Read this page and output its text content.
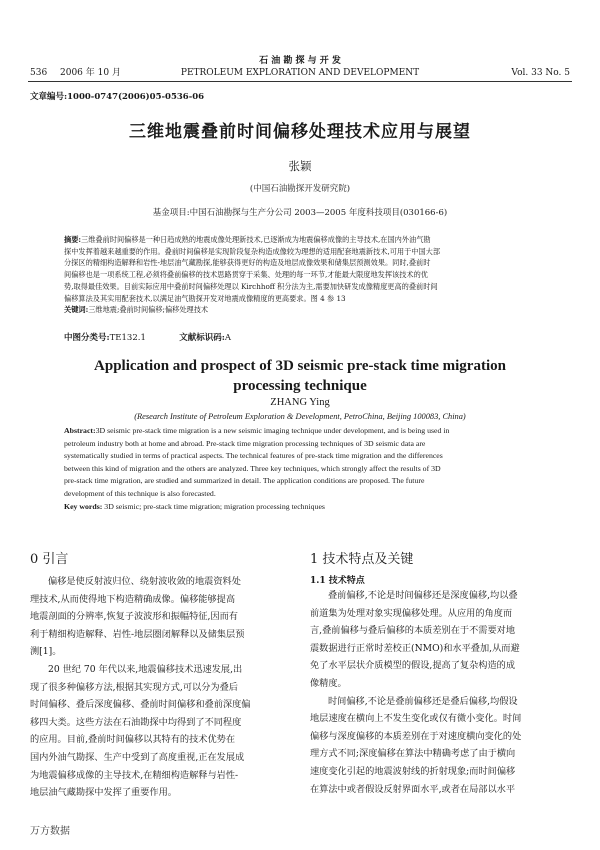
536 2006 年 10 月
石 油 勘 探 与 开 发
PETROLEUM EXPLORATION AND DEVELOPMENT	Vol. 33 No. 5
文章编号:1000-0747(2006)05-0536-06
三维地震叠前时间偏移处理技术应用与展望
张颖
(中国石油勘探开发研究院)
基金项目:中国石油勘探与生产分公司 2003—2005 年度科技项目(030166-6)
摘要:三维叠前时间偏移是一种日趋成熟的地震成像处理新技术,已逐渐成为地震偏移成像的主导技术,在国内外油气勘
探中发挥着越来越重要的作用。叠前时间偏移是实现阶段复杂构造成像较为理想的适用配套地震新技术,可用于中国大部
分探区的精细构造解释和岩性-地层油气藏勘探,能够获得更好的构造及地层成像效果和储集层预测效果。同时,叠前时
间偏移也是一项系统工程,必须将叠前偏移的技术思路贯穿于采集、处理的每一环节,才能最大限度地发挥该技术的优
势,取得最佳效果。目前实际应用中叠前时间偏移处理以 Kirchhoff 积分法为主,需要加快研发成像精度更高的叠前时间
偏移算法及其实用配套技术,以满足油气勘探开发对地震成像精度的更高要求。图 4 参 13
关键词:三维地震;叠前时间偏移;偏移处理技术
中图分类号:TE132.1	文献标识码:A
Application and prospect of 3D seismic pre-stack time migration
processing technique
ZHANG Ying
(Research Institute of Petroleum Exploration & Development, PetroChina, Beijing 100083, China)
Abstract:3D seismic pre-stack time migration is a new seismic imaging technique under development, and is being used in
petroleum industry both at home and abroad. Pre-stack time migration processing techniques of 3D seismic data are
systematically studied in terms of practical aspects. The technical features of pre-stack time migration and the differences
between this kind of migration and the others are analyzed. Three key techniques, which strongly affect the results of 3D
pre-stack time migration, are studied and summarized in detail. The application conditions are proposed. The future
development of this technique is also forecasted.
Key words: 3D seismic; pre-stack time migration; migration processing techniques
0 引言
偏移是使反射波归位、绕射波收敛的地震资料处
理技术,从而使得地下构造精确成像。偏移能够提高
地震剖面的分辨率,恢复子波波形和振幅特征,因而有
利于精细构造解释、岩性-地层圈闭解释以及储集层预
测[1]。
20 世纪 70 年代以来,地震偏移技术迅速发展,出
现了很多种偏移方法,根据其实现方式,可以分为叠后
时间偏移、叠后深度偏移、叠前时间偏移和叠前深度偏
移四大类。这些方法在石油勘探中均得到了不同程度
的应用。目前,叠前时间偏移以其特有的技术优势在
国内外油气勘探、生产中受到了高度重视,正在发展成
为地震偏移成像的主导技术,在精细构造解释与岩性-
地层油气藏勘探中发挥了重要作用。
1 技术特点及关键
1.1 技术特点
叠前偏移,不论是时间偏移还是深度偏移,均以叠
前道集为处理对象实现偏移处理。从应用的角度而
言,叠前偏移与叠后偏移的本质差别在于不需要对地
震数据进行正常时差校正(NMO)和水平叠加,从而避
免了水平层状介质模型的假设,提高了复杂构造的成
像精度。
时间偏移,不论是叠前偏移还是叠后偏移,均假设
地层速度在横向上不发生变化或仅有微小变化。时间
偏移与深度偏移的本质差别在于对速度横向变化的处
理方式不同;深度偏移在算法中精确考虑了由于横向
速度变化引起的地震波射线的折射现象;而时间偏移
在算法中或者假设反射界面水平,或者在局部以水平
万方数据
